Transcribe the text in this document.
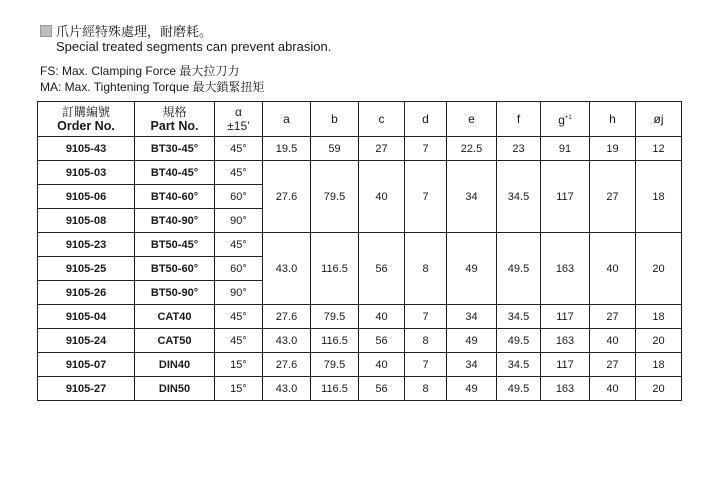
爪片經特殊處理，耐磨耗。
Special treated segments can prevent abrasion.
FS: Max. Clamping Force 最大拉刀力
MA: Max. Tightening Torque 最大鎖緊扭矩
訂購編號
Order No.	規格
Part No.	α
±15’	a	b	c	d	e	f	$g^{+1}$	h	øj
9105-43	BT30-45°	45°	19.5	59	27	7	22.5	23	91	19	12
9105-03	BT40-45°	45°	27.6	79.5	40	7	34	34.5	117	27	18
9105-06	BT40-60°	60°									
9105-08	BT40-90°	90°									
9105-23	BT50-45°	45°	43.0	116.5	56	8	49	49.5	163	40	20
9105-25	BT50-60°	60°									
9105-26	BT50-90°	90°									
9105-04	CAT40	45°	27.6	79.5	40	7	34	34.5	117	27	18
9105-24	CAT50	45°	43.0	116.5	56	8	49	49.5	163	40	20
9105-07	DIN40	15°	27.6	79.5	40	7	34	34.5	117	27	18
9105-27	DIN50	15°	43.0	116.5	56	8	49	49.5	163	40	20
